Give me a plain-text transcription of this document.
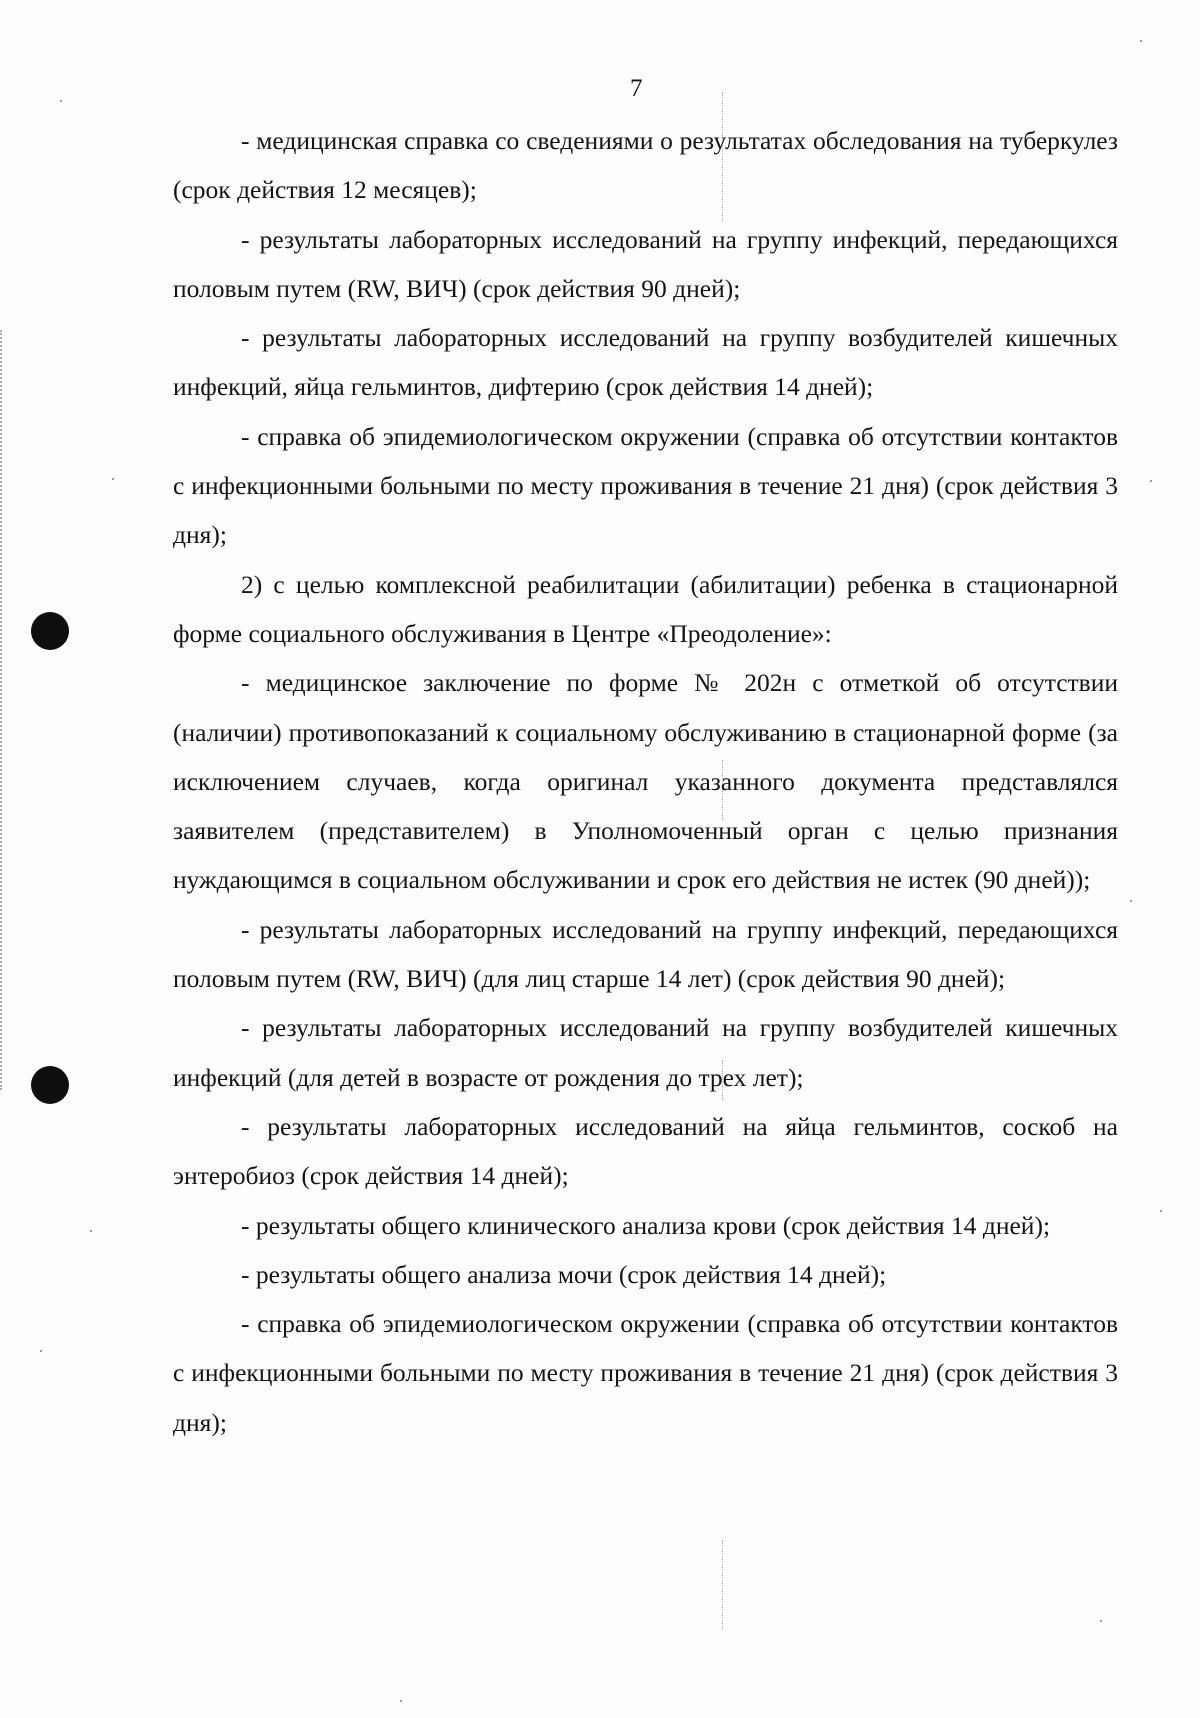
7

- медицинская справка со сведениями о результатах обследования на туберкулез (срок действия 12 месяцев);

- результаты лабораторных исследований на группу инфекций, передающихся половым путем (RW, ВИЧ) (срок действия 90 дней);

- результаты лабораторных исследований на группу возбудителей кишечных инфекций, яйца гельминтов, дифтерию (срок действия 14 дней);

- справка об эпидемиологическом окружении (справка об отсутствии контактов с инфекционными больными по месту проживания в течение 21 дня) (срок действия 3 дня);

2) с целью комплексной реабилитации (абилитации) ребенка в стационарной форме социального обслуживания в Центре «Преодоление»:

- медицинское заключение по форме № 202н с отметкой об отсутствии (наличии) противопоказаний к социальному обслуживанию в стационарной форме (за исключением случаев, когда оригинал указанного документа представлялся заявителем (представителем) в Уполномоченный орган с целью признания нуждающимся в социальном обслуживании и срок его действия не истек (90 дней));

- результаты лабораторных исследований на группу инфекций, передающихся половым путем (RW, ВИЧ) (для лиц старше 14 лет) (срок действия 90 дней);

- результаты лабораторных исследований на группу возбудителей кишечных инфекций (для детей в возрасте от рождения до трех лет);

- результаты лабораторных исследований на яйца гельминтов, соскоб на энтеробиоз (срок действия 14 дней);

- результаты общего клинического анализа крови (срок действия 14 дней);

- результаты общего анализа мочи (срок действия 14 дней);

- справка об эпидемиологическом окружении (справка об отсутствии контактов с инфекционными больными по месту проживания в течение 21 дня) (срок действия 3 дня);
